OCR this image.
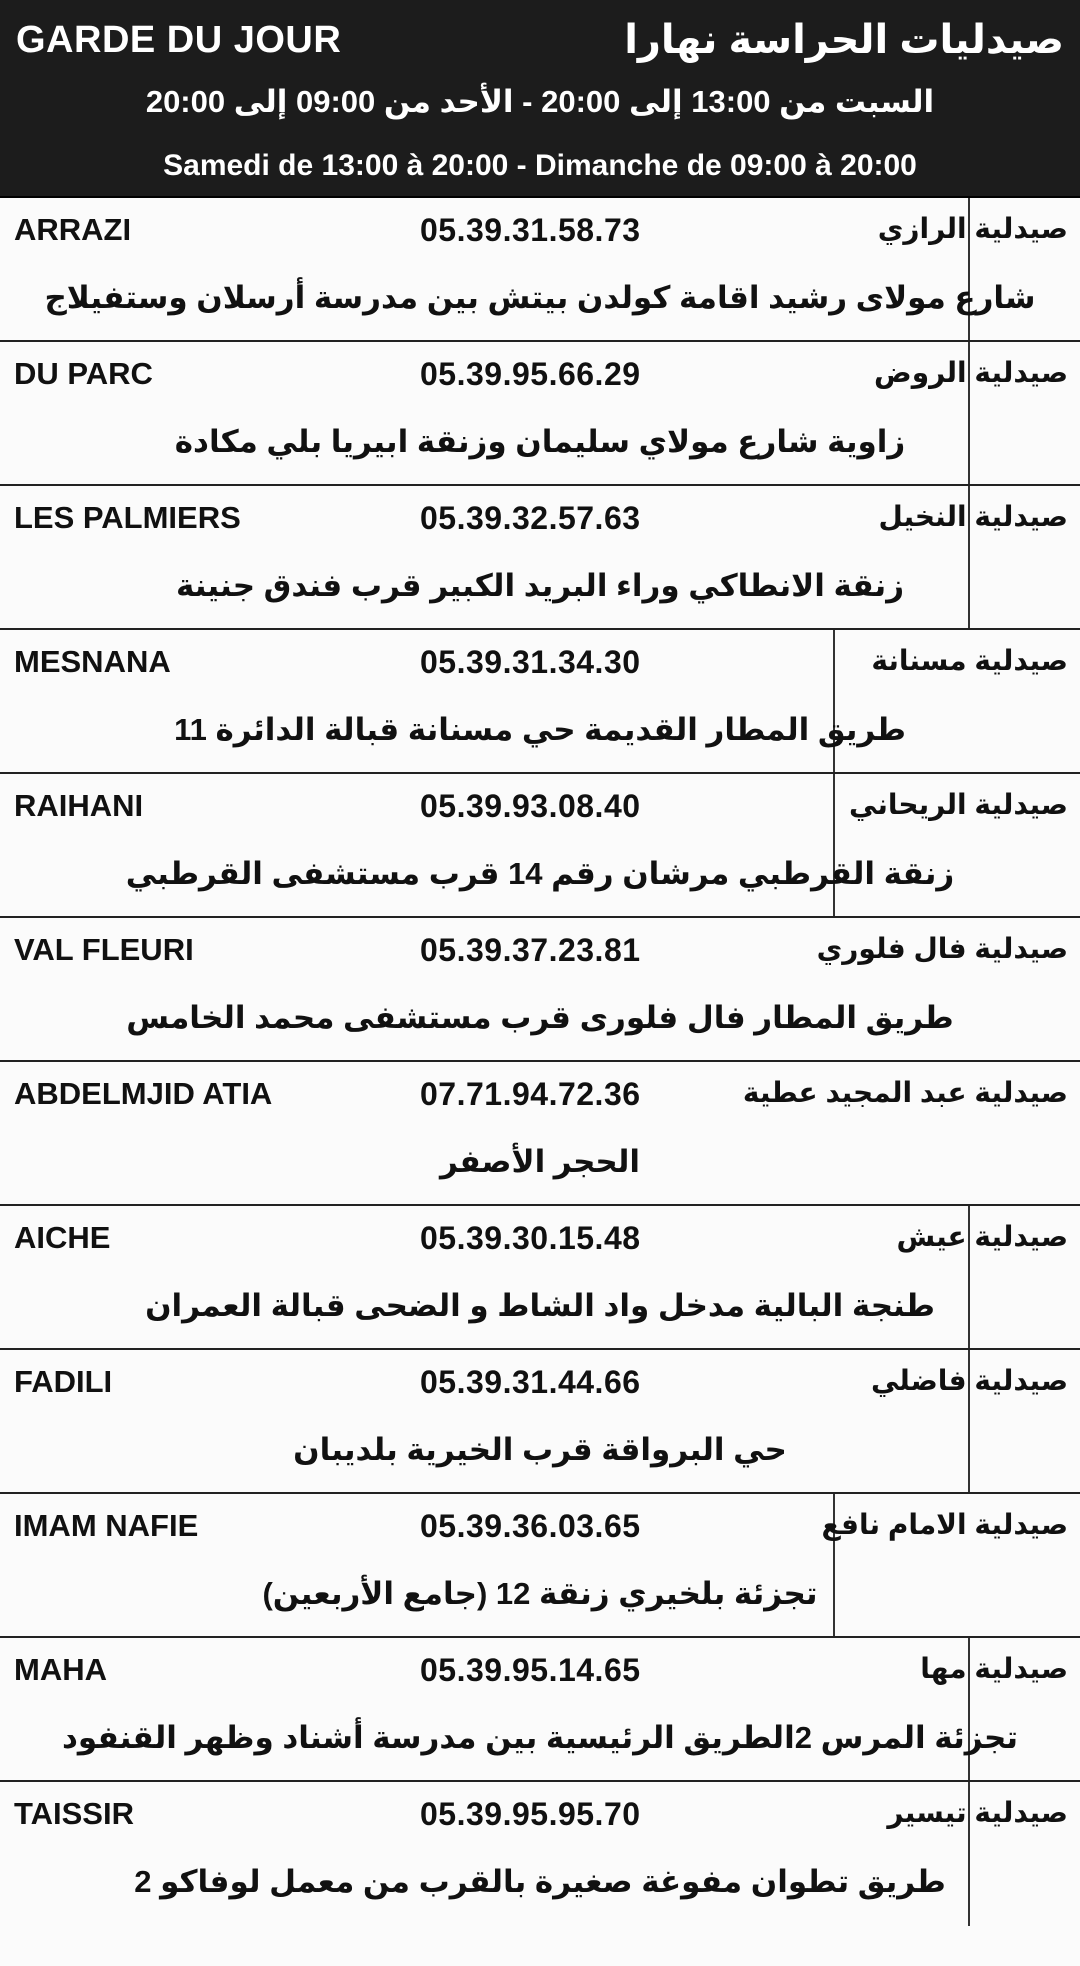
GARDE DU JOUR	صيدليات الحراسة نهارا
السبت من 13:00 إلى 20:00 - الأحد من 09:00 إلى 20:00
Samedi de 13:00 à 20:00 - Dimanche de 09:00 à 20:00
ARRAZI	05.39.31.58.73	صيدلية الرازي
شارع مولاى رشيد اقامة كولدن بيتش بين مدرسة أرسلان وستفيلاج
DU PARC	05.39.95.66.29	صيدلية الروض
زاوية شارع مولاي سليمان وزنقة ابيريا بلي مكادة
LES PALMIERS	05.39.32.57.63	صيدلية النخيل
زنقة الانطاكي وراء البريد الكبير قرب فندق جنينة
MESNANA	05.39.31.34.30	صيدلية مسنانة
طريق المطار القديمة حي مسنانة قبالة الدائرة 11
RAIHANI	05.39.93.08.40	صيدلية الريحاني
زنقة القرطبي مرشان رقم 14 قرب مستشفى القرطبي
VAL FLEURI	05.39.37.23.81	صيدلية فال فلوري
طريق المطار فال فلورى قرب مستشفى محمد الخامس
ABDELMJID ATIA	07.71.94.72.36	صيدلية عبد المجيد عطية
الحجر الأصفر
AICHE	05.39.30.15.48	صيدلية عيش
طنجة البالية مدخل واد الشاط و الضحى قبالة العمران
FADILI	05.39.31.44.66	صيدلية فاضلي
حي البرواقة قرب الخيرية بلديبان
IMAM NAFIE	05.39.36.03.65	صيدلية الامام نافع
تجزئة بلخيري زنقة 12 (جامع الأربعين)
MAHA	05.39.95.14.65	صيدلية مها
تجزئة المرس 2الطريق الرئيسية بين مدرسة أشناد وظهر القنفود
TAISSIR	05.39.95.95.70	صيدلية تيسير
طريق تطوان مفوغة صغيرة بالقرب من معمل لوفاكو 2
